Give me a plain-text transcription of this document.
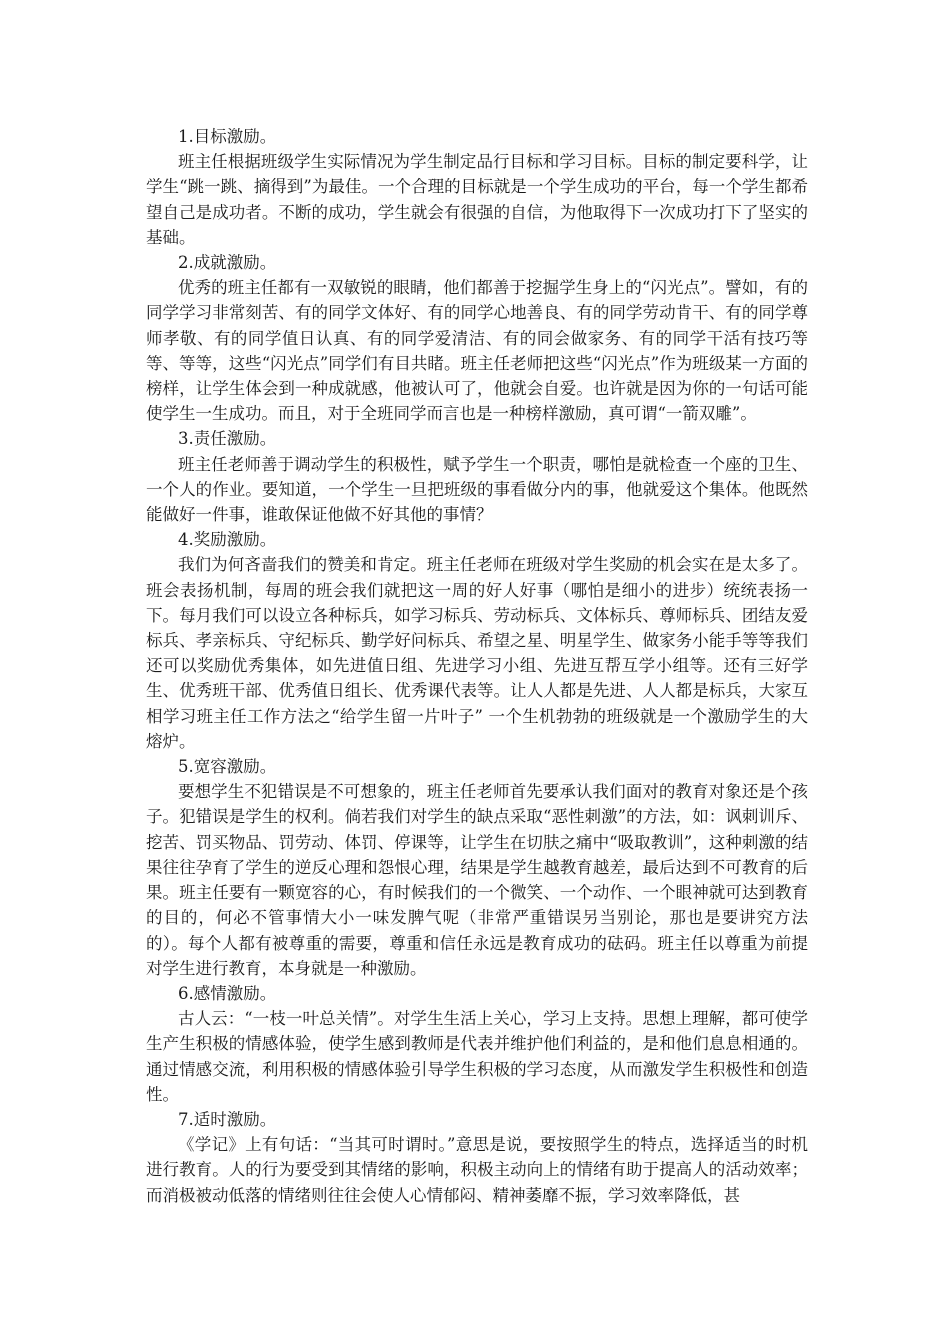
1.目标激励。

班主任根据班级学生实际情况为学生制定品行目标和学习目标。目标的制定要科学，让学生“跳一跳、摘得到”为最佳。一个合理的目标就是一个学生成功的平台，每一个学生都希望自己是成功者。不断的成功，学生就会有很强的自信，为他取得下一次成功打下了坚实的基础。

2.成就激励。

优秀的班主任都有一双敏锐的眼睛，他们都善于挖掘学生身上的“闪光点”。譬如，有的同学学习非常刻苦、有的同学文体好、有的同学心地善良、有的同学劳动肯干、有的同学尊师孝敬、有的同学值日认真、有的同学爱清洁、有的同会做家务、有的同学干活有技巧等等、等等，这些“闪光点”同学们有目共睹。班主任老师把这些“闪光点”作为班级某一方面的榜样，让学生体会到一种成就感，他被认可了，他就会自爱。也许就是因为你的一句话可能使学生一生成功。而且，对于全班同学而言也是一种榜样激励，真可谓“一箭双雕”。

3.责任激励。

班主任老师善于调动学生的积极性，赋予学生一个职责，哪怕是就检查一个座的卫生、一个人的作业。要知道，一个学生一旦把班级的事看做分内的事，他就爱这个集体。他既然能做好一件事，谁敢保证他做不好其他的事情？

4.奖励激励。

我们为何吝啬我们的赞美和肯定。班主任老师在班级对学生奖励的机会实在是太多了。班会表扬机制，每周的班会我们就把这一周的好人好事（哪怕是细小的进步）统统表扬一下。每月我们可以设立各种标兵，如学习标兵、劳动标兵、文体标兵、尊师标兵、团结友爱标兵、孝亲标兵、守纪标兵、勤学好问标兵、希望之星、明星学生、做家务小能手等等我们还可以奖励优秀集体，如先进值日组、先进学习小组、先进互帮互学小组等。还有三好学生、优秀班干部、优秀值日组长、优秀课代表等。让人人都是先进、人人都是标兵，大家互相学习班主任工作方法之“给学生留一片叶子” 一个生机勃勃的班级就是一个激励学生的大熔炉。

5.宽容激励。

要想学生不犯错误是不可想象的，班主任老师首先要承认我们面对的教育对象还是个孩子。犯错误是学生的权利。倘若我们对学生的缺点采取“恶性刺激”的方法，如：讽刺训斥、挖苦、罚买物品、罚劳动、体罚、停课等，让学生在切肤之痛中“吸取教训”，这种刺激的结果往往孕育了学生的逆反心理和怨恨心理，结果是学生越教育越差，最后达到不可教育的后果。班主任要有一颗宽容的心，有时候我们的一个微笑、一个动作、一个眼神就可达到教育的目的，何必不管事情大小一味发脾气呢（非常严重错误另当别论，那也是要讲究方法的）。每个人都有被尊重的需要，尊重和信任永远是教育成功的砝码。班主任以尊重为前提对学生进行教育，本身就是一种激励。

6.感情激励。

古人云：“一枝一叶总关情”。对学生生活上关心，学习上支持。思想上理解，都可使学生产生积极的情感体验，使学生感到教师是代表并维护他们利益的，是和他们息息相通的。通过情感交流，利用积极的情感体验引导学生积极的学习态度，从而激发学生积极性和创造性。

7.适时激励。

《学记》上有句话：“当其可时谓时。”意思是说，要按照学生的特点，选择适当的时机进行教育。人的行为要受到其情绪的影响，积极主动向上的情绪有助于提高人的活动效率；而消极被动低落的情绪则往往会使人心情郁闷、精神萎靡不振，学习效率降低，甚
